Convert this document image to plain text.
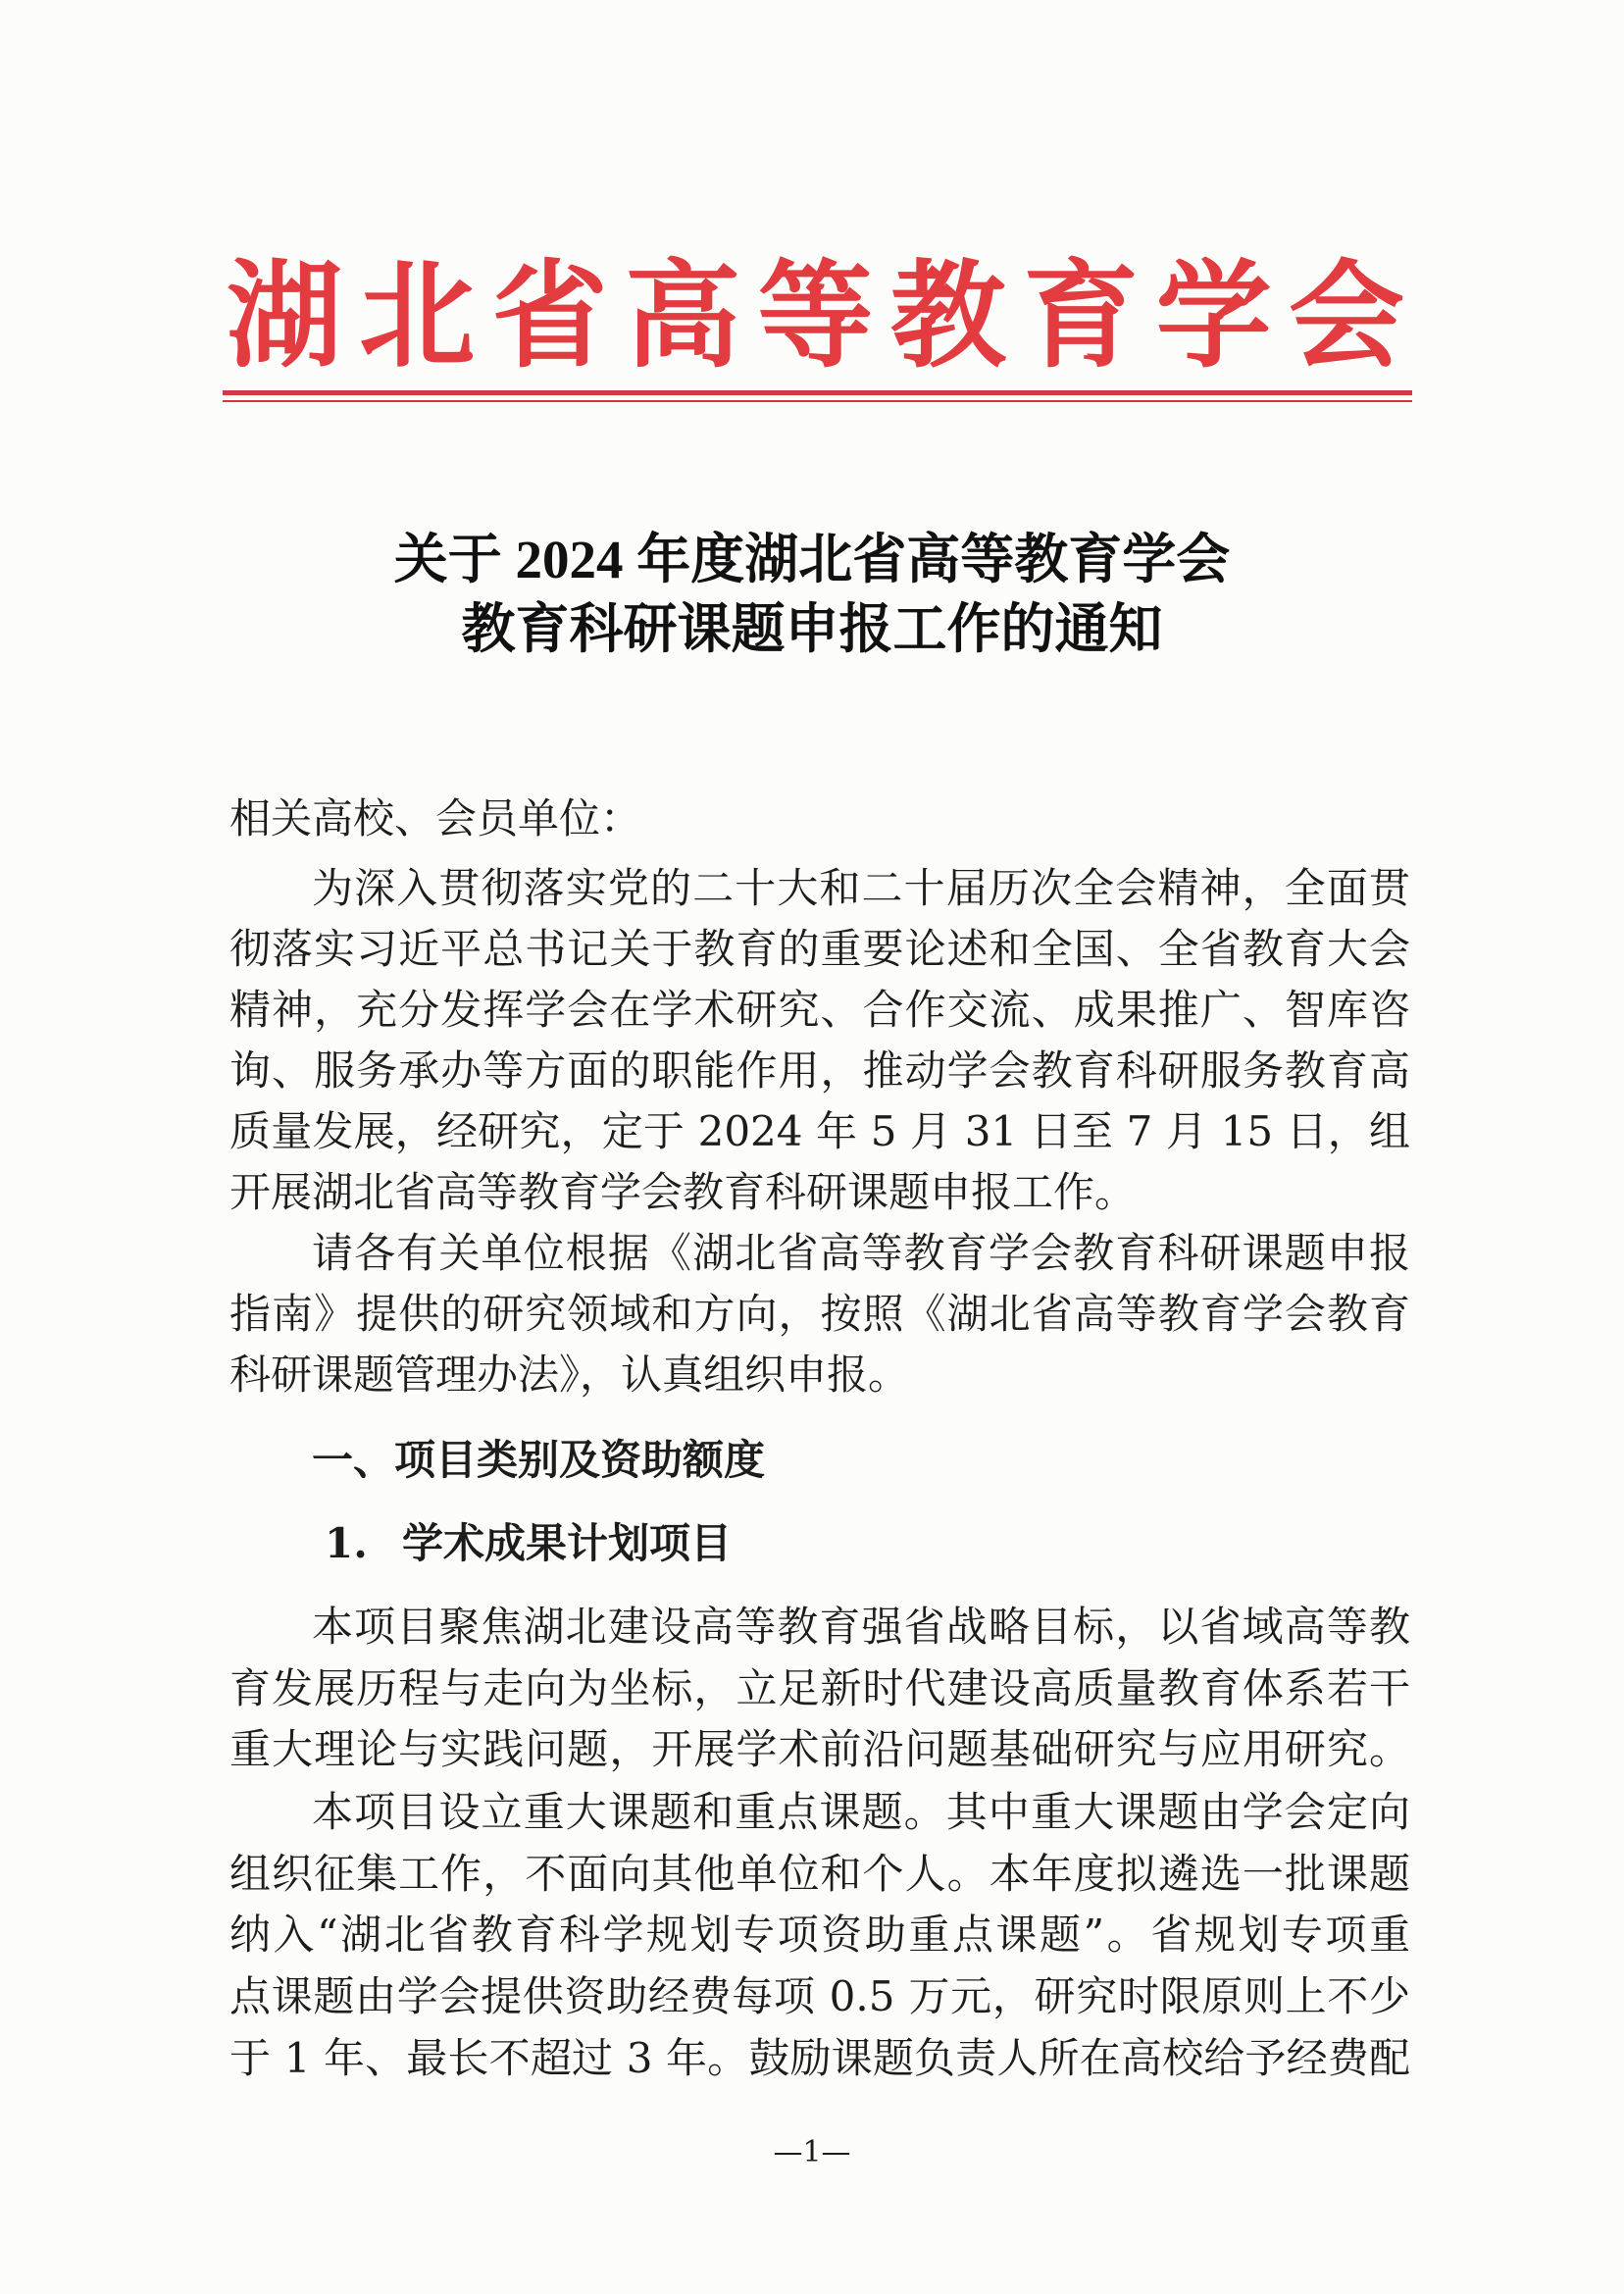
湖北省高等教育学会
关于 2024 年度湖北省高等教育学会
教育科研课题申报工作的通知
相关高校、会员单位：
为深入贯彻落实党的二十大和二十届历次全会精神，全面贯
彻落实习近平总书记关于教育的重要论述和全国、全省教育大会
精神，充分发挥学会在学术研究、合作交流、成果推广、智库咨
询、服务承办等方面的职能作用，推动学会教育科研服务教育高
质量发展，经研究，定于 2024 年 5 月 31 日至 7 月 15 日，组
开展湖北省高等教育学会教育科研课题申报工作。
请各有关单位根据《湖北省高等教育学会教育科研课题申报
指南》提供的研究领域和方向，按照《湖北省高等教育学会教育
科研课题管理办法》，认真组织申报。
一、项目类别及资助额度
1. 学术成果计划项目
本项目聚焦湖北建设高等教育强省战略目标，以省域高等教
育发展历程与走向为坐标，立足新时代建设高质量教育体系若干
重大理论与实践问题，开展学术前沿问题基础研究与应用研究。
本项目设立重大课题和重点课题。其中重大课题由学会定向
组织征集工作，不面向其他单位和个人。本年度拟遴选一批课题
纳入“湖北省教育科学规划专项资助重点课题”。省规划专项重
点课题由学会提供资助经费每项 0.5 万元，研究时限原则上不少
于 1 年、最长不超过 3 年。鼓励课题负责人所在高校给予经费配
—1—
